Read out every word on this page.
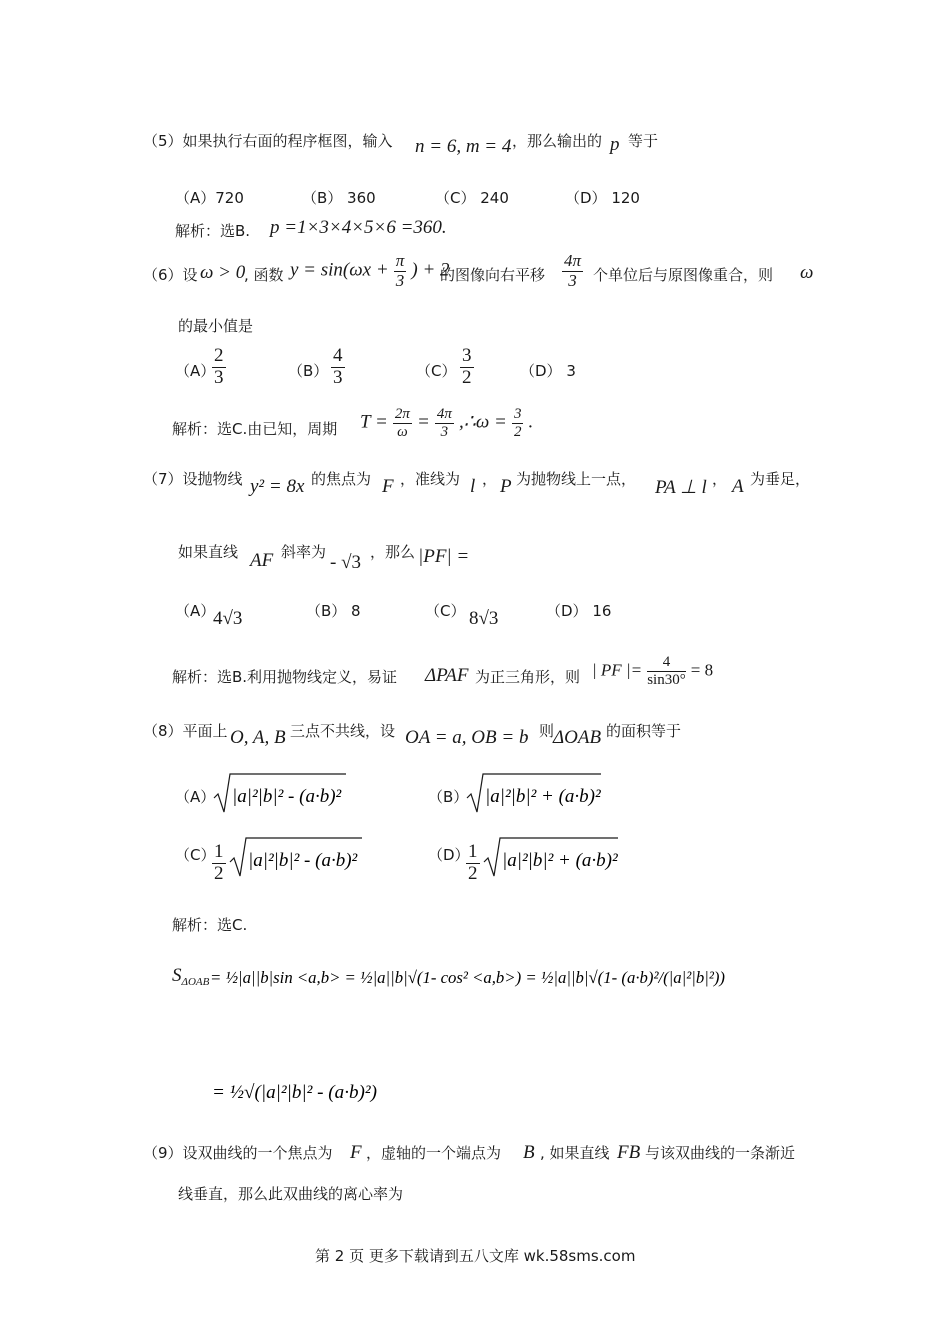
（5）如果执行右面的程序框图，输入 n = 6, m = 4 ，那么输出的 p 等于
（A）720	（B） 360	（C） 240	（D） 120
解析：选B. p =1×3×4×5×6 =360.
（6）设 ω > 0
, 函数 $y = \sin(\omega x + \frac{\pi}{3}$ ) + 2
的图像向右平移 $\frac{4\pi}{3}$ 个单位后与原图像重合，则 ω
的最小值是
（A）
$\frac{2}{3}$	$(B) \frac{4}{3}$	$(C) \frac{3}{2}$	（D） 3
解析：选C.由已知，周期 $T = \frac{2\pi}{\omega} = \frac{4\pi}{3}$ ,∴ω = $\frac{3}{2}$ .
（7）设抛物线 y² = 8x 的焦点为 F ，准线为 l ， P 为抛物线上一点， PA ⊥ l ， A 为垂足，
如果直线 AF 斜率为 - √3 ，那么 |PF| =
（A）
4√3	（B） 8	（C） 8√3	（D） 16
解析：选B.利用抛物线定义，易证 ΔPAF 为正三角形，则 | PF |= $\frac{4}{\sin 30^\circ} = 8$
（8）平面上 O, A, B 三点不共线，设 OA = a, OB = b
，则
ΔOAB 的面积等于
（A） |a|²|b|² - (a·b)²	（B） |a|²|b|² + (a·b)²
（C）
$\frac{1}{2} |a|^2|b|^2 - (a\cdot b)^2$	（D）
$\frac{1}{2} |a|^2|b|^2 + (a\cdot b)^2$
解析：选C.
$S_{\Delta OAB}$ = ½|a||b|sin <a,b> = ½|a||b|√(1- cos² <a,b>) = ½|a||b|√(1- (a·b)²/(|a|²|b|²))
= ½√(|a|²|b|² - (a·b)²)
（9）设双曲线的一个焦点为 F ，虚轴的一个端点为 B , 如果直线 FB 与该双曲线的一条渐近
线垂直，那么此双曲线的离心率为
第 2 页 更多下载请到五八文库 wk.58sms.com
